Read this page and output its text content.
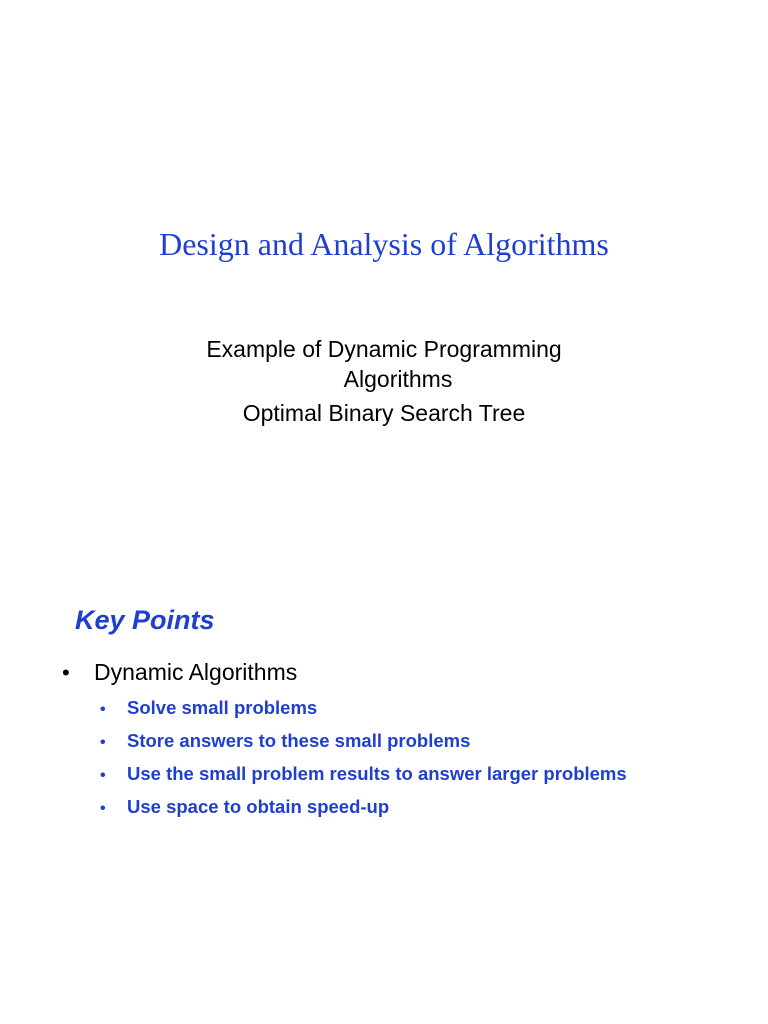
Design and Analysis of Algorithms
Example of Dynamic Programming
Algorithms
Optimal Binary Search Tree
Key Points
• Dynamic Algorithms
• Solve small problems
• Store answers to these small problems
• Use the small problem results to answer larger problems
• Use space to obtain speed-up
